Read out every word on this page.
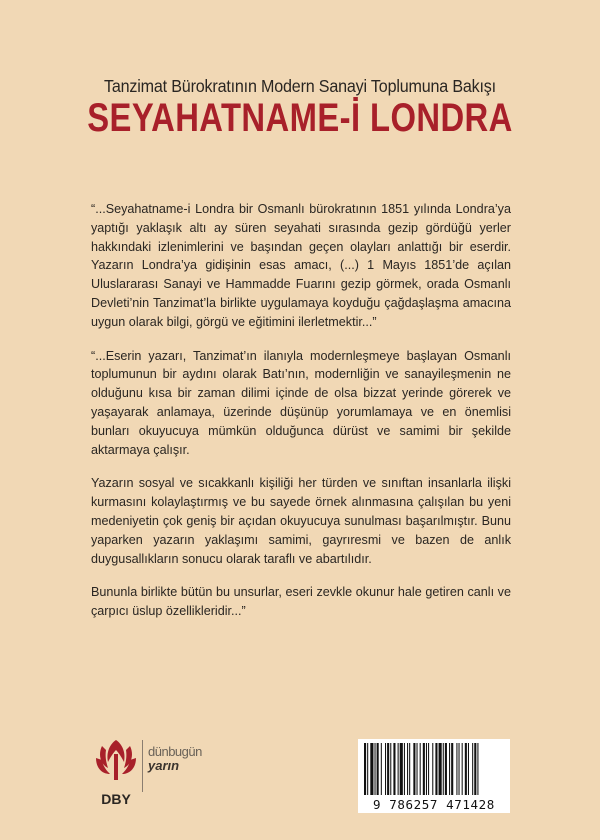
Tanzimat Bürokratının Modern Sanayi Toplumuna Bakışı
SEYAHATNAME-İ LONDRA

“...Seyahatname-i Londra bir Osmanlı bürokratının 1851 yılında Londra’ya yaptığı yaklaşık altı ay süren seyahati sırasında gezip gördüğü yerler hakkındaki izlenimlerini ve başından geçen olayları anlattığı bir eserdir. Yazarın Londra’ya gidişinin esas amacı, (...) 1 Mayıs 1851’de açılan Uluslararası Sanayi ve Hammadde Fuarını gezip görmek, orada Osmanlı Devleti’nin Tanzimat’la birlikte uygulamaya koyduğu çağdaşlaşma amacına uygun olarak bilgi, görgü ve eğitimini ilerletmektir...”

“...Eserin yazarı, Tanzimat’ın ilanıyla modernleşmeye başlayan Osmanlı toplumunun bir aydını olarak Batı’nın, modernliğin ve sanayileşmenin ne olduğunu kısa bir zaman dilimi içinde de olsa bizzat yerinde görerek ve yaşayarak anlamaya, üzerinde düşünüp yorumlamaya ve en önemlisi bunları okuyucuya mümkün olduğunca dürüst ve samimi bir şekilde aktarmaya çalışır.

Yazarın sosyal ve sıcakkanlı kişiliği her türden ve sınıftan insanlarla ilişki kurmasını kolaylaştırmış ve bu sayede örnek alınmasına çalışılan bu yeni medeniyetin çok geniş bir açıdan okuyucuya sunulması başarılmıştır. Bunu yaparken yazarın yaklaşımı samimi, gayrıresmi ve bazen de anlık duygusallıkların sonucu olarak taraflı ve abartılıdır.

Bununla birlikte bütün bu unsurlar, eseri zevkle okunur hale getiren canlı ve çarpıcı üslup özellikleridir...”

DBY
dünbugün
yarın
9 786257 471428
